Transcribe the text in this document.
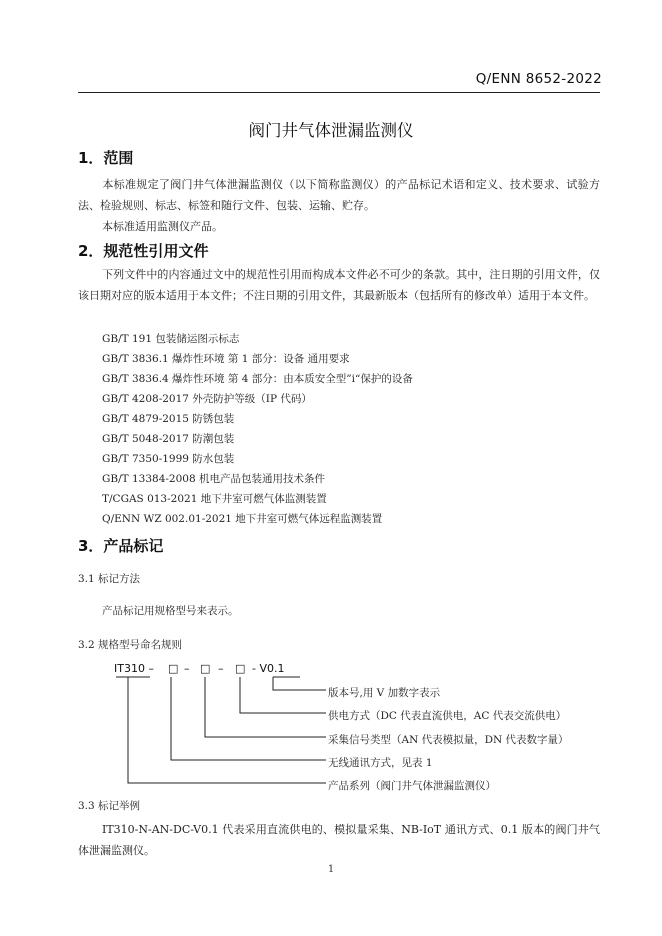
Q/ENN 8652-2022
阀门井气体泄漏监测仪
1．范围
本标准规定了阀门井气体泄漏监测仪（以下简称监测仪）的产品标记术语和定义、技术要求、试验方法、检验规则、标志、标签和随行文件、包装、运输、贮存。
本标准适用监测仪产品。
2．规范性引用文件
下列文件中的内容通过文中的规范性引用而构成本文件必不可少的条款。其中，注日期的引用文件，仅该日期对应的版本适用于本文件；不注日期的引用文件，其最新版本（包括所有的修改单）适用于本文件。
GB/T 191 包装储运图示标志
GB/T 3836.1 爆炸性环境 第 1 部分：设备 通用要求
GB/T 3836.4 爆炸性环境 第 4 部分：由本质安全型”i“保护的设备
GB/T 4208-2017 外壳防护等级（IP 代码）
GB/T 4879-2015 防锈包装
GB/T 5048-2017 防潮包装
GB/T 7350-1999 防水包装
GB/T 13384-2008 机电产品包装通用技术条件
T/CGAS 013-2021 地下井室可燃气体监测装置
Q/ENN WZ 002.01-2021 地下井室可燃气体远程监测装置
3．产品标记
3.1 标记方法
产品标记用规格型号来表示。
3.2 规格型号命名规则
IT310 – □ – □ – □ - V0.1
版本号,用 V 加数字表示
供电方式（DC 代表直流供电，AC 代表交流供电）
采集信号类型（AN 代表模拟量，DN 代表数字量）
无线通讯方式，见表 1
产品系列（阀门井气体泄漏监测仪）
3.3 标记举例
IT310-N-AN-DC-V0.1 代表采用直流供电的、模拟量采集、NB-IoT 通讯方式、0.1 版本的阀门井气体泄漏监测仪。
1
